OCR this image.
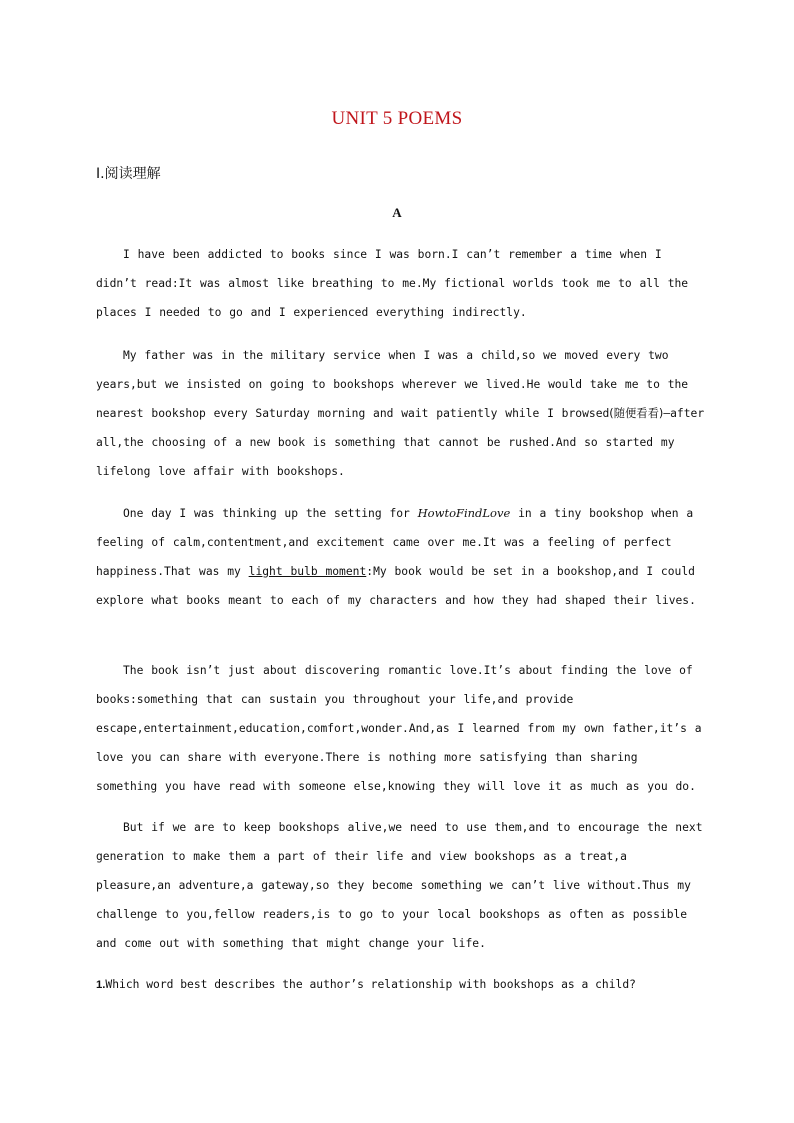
UNIT 5 POEMS
Ⅰ.阅读理解
A

I have been addicted to books since I was born.I can’t remember a time when I didn’t read:It was almost like breathing to me.My fictional worlds took me to all the places I needed to go and I experienced everything indirectly.

My father was in the military service when I was a child,so we moved every two years,but we insisted on going to bookshops wherever we lived.He would take me to the nearest bookshop every Saturday morning and wait patiently while I browsed(随便看看)—after all,the choosing of a new book is something that cannot be rushed.And so started my lifelong love affair with bookshops.

One day I was thinking up the setting for HowtoFindLove in a tiny bookshop when a feeling of calm,contentment,and excitement came over me.It was a feeling of perfect happiness.That was my light bulb moment:My book would be set in a bookshop,and I could explore what books meant to each of my characters and how they had shaped their lives.

The book isn’t just about discovering romantic love.It’s about finding the love of books:something that can sustain you throughout your life,and provide escape,entertainment,education,comfort,wonder.And,as I learned from my own father,it’s a love you can share with everyone.There is nothing more satisfying than sharing something you have read with someone else,knowing they will love it as much as you do.

But if we are to keep bookshops alive,we need to use them,and to encourage the next generation to make them a part of their life and view bookshops as a treat,a pleasure,an adventure,a gateway,so they become something we can’t live without.Thus my challenge to you,fellow readers,is to go to your local bookshops as often as possible and come out with something that might change your life.

1.Which word best describes the author’s relationship with bookshops as a child?
